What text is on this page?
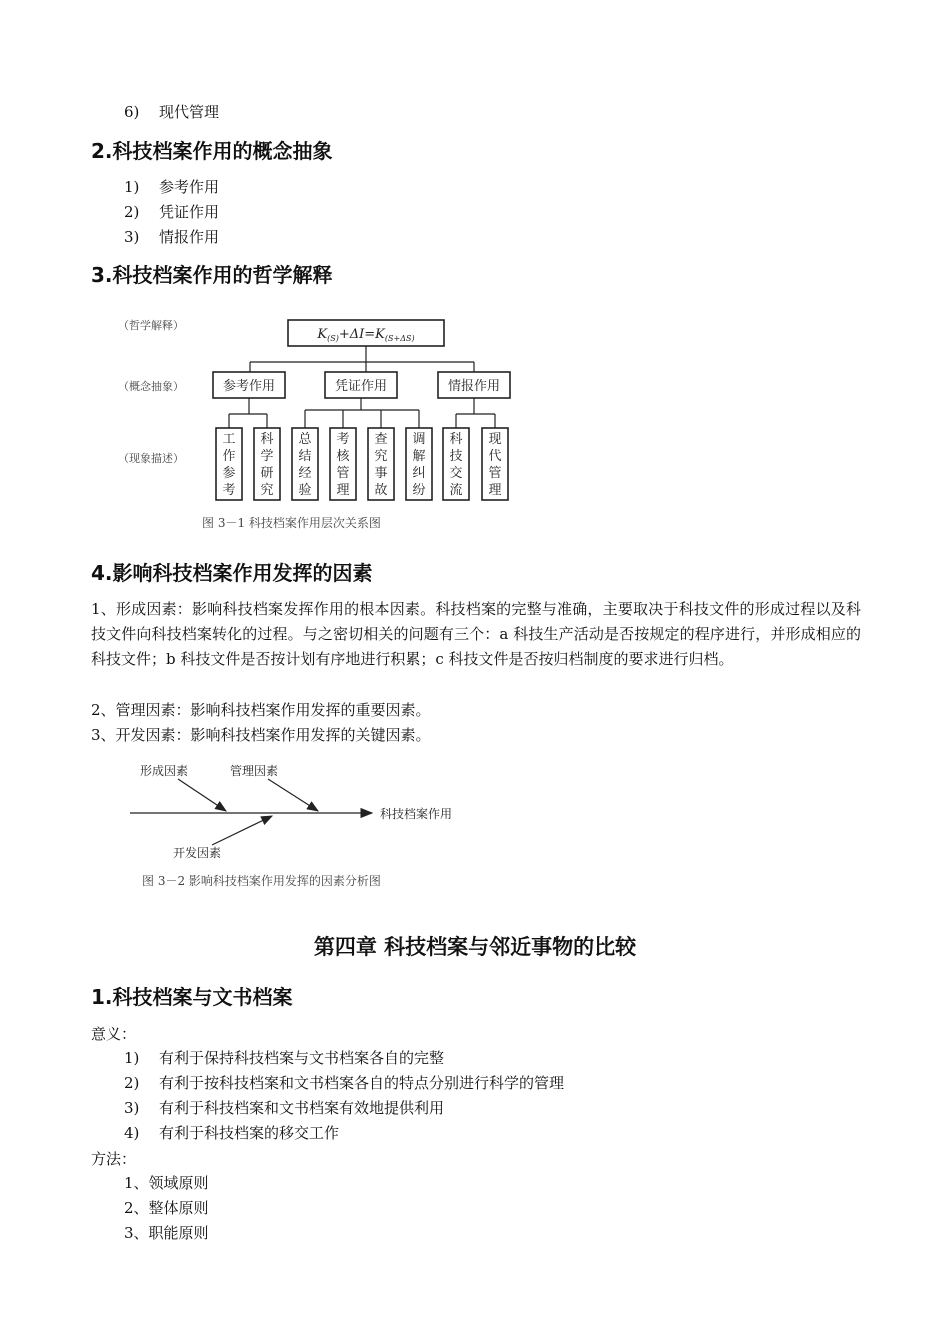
6) 现代管理
2.科技档案作用的概念抽象
1) 参考作用
2) 凭证作用
3) 情报作用
3.科技档案作用的哲学解释
（哲学解释）
（概念抽象）
（现象描述）
$K_{(S)}+\Delta I=K_{(S+\Delta S)}$
参考作用	凭证作用	情报作用
工作参考
科学研究
总结经验
考核管理
查究事故
调解纠纷
科技交流
现代管理
图 3－1 科技档案作用层次关系图
4.影响科技档案作用发挥的因素
1、形成因素：影响科技档案发挥作用的根本因素。科技档案的完整与准确，主要取决于科技文件的形成过程以及科技文件向科技档案转化的过程。与之密切相关的问题有三个：a 科技生产活动是否按规定的程序进行，并形成相应的科技文件；b 科技文件是否按计划有序地进行积累；c 科技文件是否按归档制度的要求进行归档。
2、管理因素：影响科技档案作用发挥的重要因素。
3、开发因素：影响科技档案作用发挥的关键因素。
形成因素	管理因素
开发因素
科技档案作用
图 3－2 影响科技档案作用发挥的因素分析图
第四章 科技档案与邻近事物的比较
1.科技档案与文书档案
意义：
1) 有利于保持科技档案与文书档案各自的完整
2) 有利于按科技档案和文书档案各自的特点分别进行科学的管理
3) 有利于科技档案和文书档案有效地提供利用
4) 有利于科技档案的移交工作
方法：
1、领域原则
2、整体原则
3、职能原则
